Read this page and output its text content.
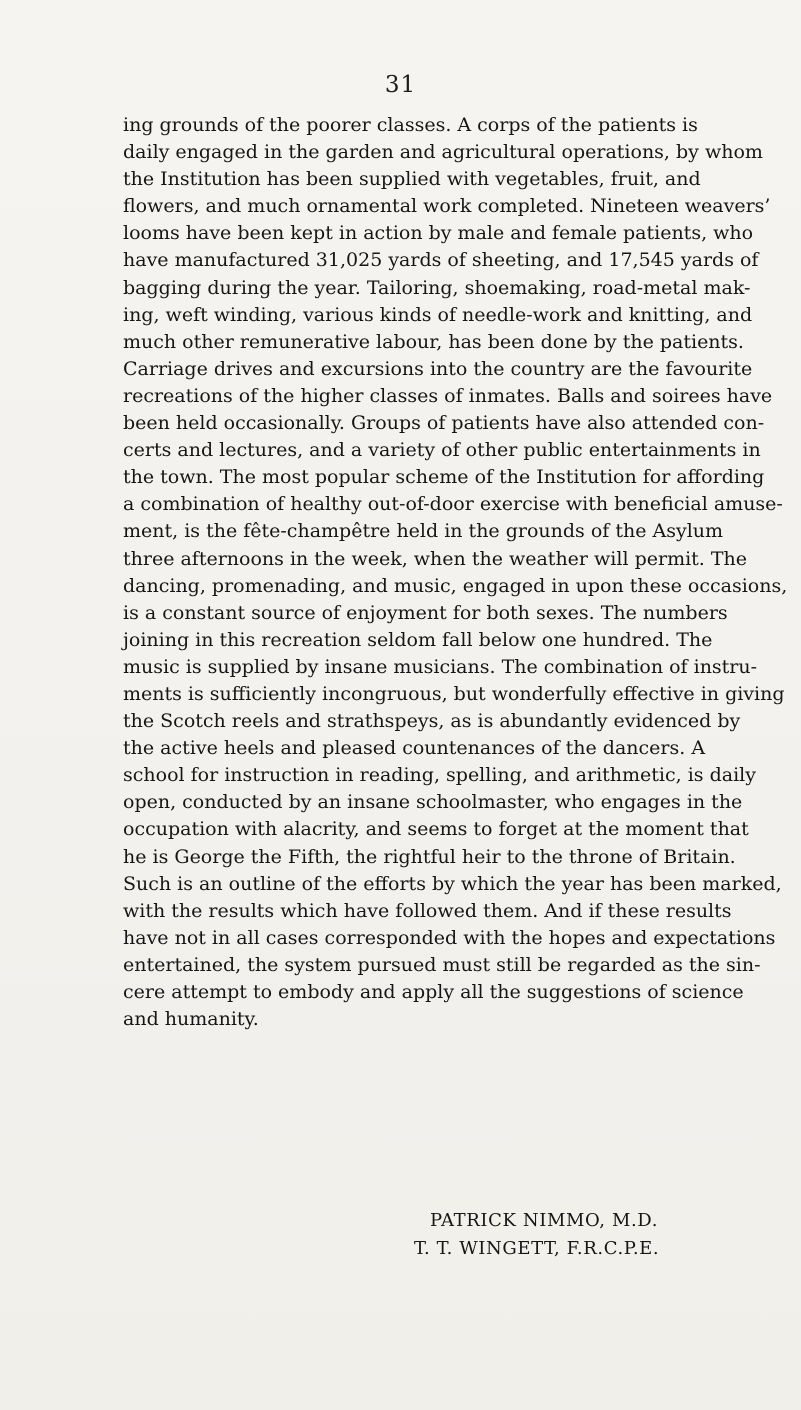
31
ing grounds of the poorer classes. A corps of the patients is
daily engaged in the garden and agricultural operations, by whom
the Institution has been supplied with vegetables, fruit, and
flowers, and much ornamental work completed. Nineteen weavers’
looms have been kept in action by male and female patients, who
have manufactured 31,025 yards of sheeting, and 17,545 yards of
bagging during the year. Tailoring, shoemaking, road-metal mak-
ing, weft winding, various kinds of needle-work and knitting, and
much other remunerative labour, has been done by the patients.
Carriage drives and excursions into the country are the favourite
recreations of the higher classes of inmates. Balls and soirees have
been held occasionally. Groups of patients have also attended con-
certs and lectures, and a variety of other public entertainments in
the town. The most popular scheme of the Institution for affording
a combination of healthy out-of-door exercise with beneficial amuse-
ment, is the fête-champêtre held in the grounds of the Asylum
three afternoons in the week, when the weather will permit. The
dancing, promenading, and music, engaged in upon these occasions,
is a constant source of enjoyment for both sexes. The numbers
joining in this recreation seldom fall below one hundred. The
music is supplied by insane musicians. The combination of instru-
ments is sufficiently incongruous, but wonderfully effective in giving
the Scotch reels and strathspeys, as is abundantly evidenced by
the active heels and pleased countenances of the dancers. A
school for instruction in reading, spelling, and arithmetic, is daily
open, conducted by an insane schoolmaster, who engages in the
occupation with alacrity, and seems to forget at the moment that
he is George the Fifth, the rightful heir to the throne of Britain.
Such is an outline of the efforts by which the year has been marked,
with the results which have followed them. And if these results
have not in all cases corresponded with the hopes and expectations
entertained, the system pursued must still be regarded as the sin-
cere attempt to embody and apply all the suggestions of science
and humanity.
PATRICK NIMMO, M.D.
T. T. WINGETT, F.R.C.P.E.
